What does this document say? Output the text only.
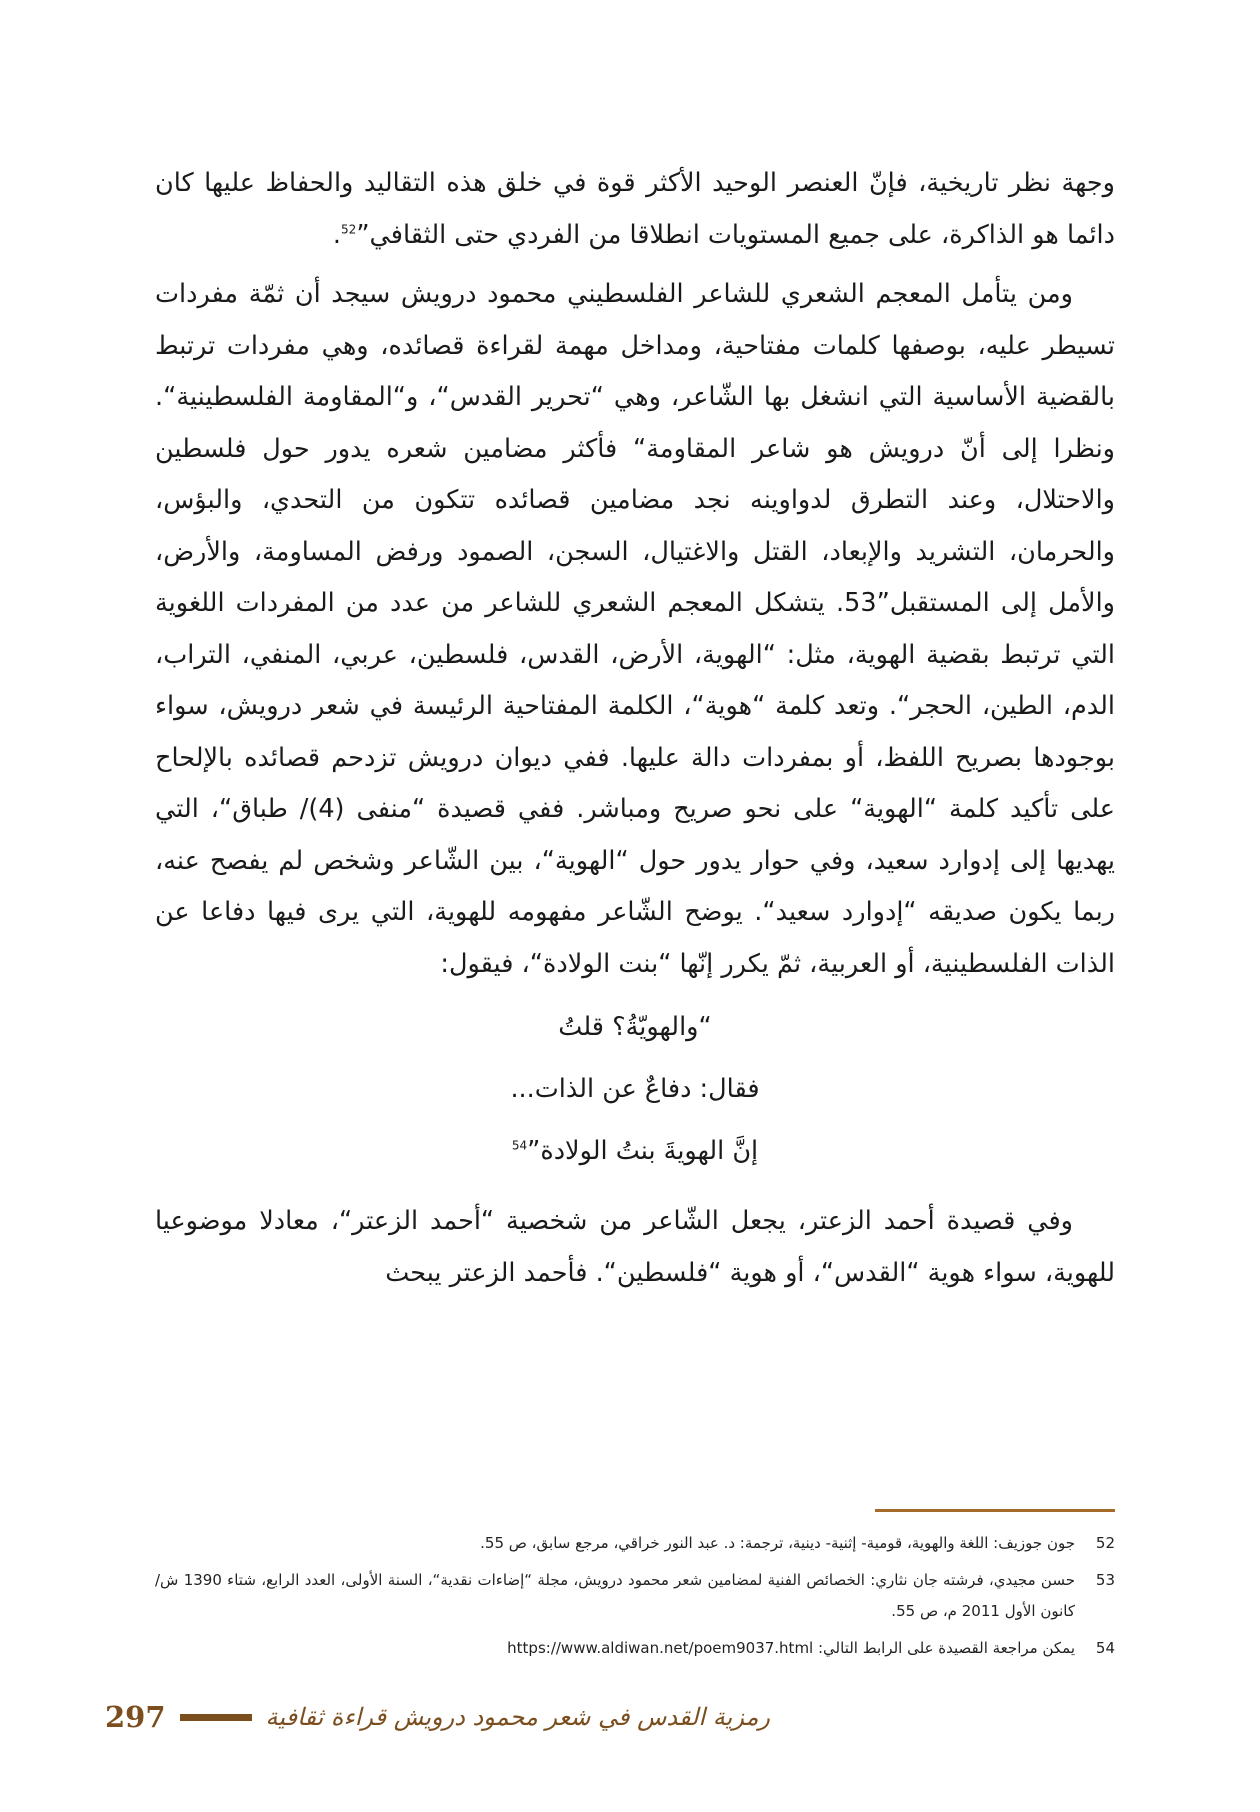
وجهة نظر تاريخية، فإنّ العنصر الوحيد الأكثر قوة في خلق هذه التقاليد والحفاظ عليها كان دائما هو الذاكرة، على جميع المستويات انطلاقا من الفردي حتى الثقافي”$^{52}$.

ومن يتأمل المعجم الشعري للشاعر الفلسطيني محمود درويش سيجد أن ثمّة مفردات تسيطر عليه، بوصفها كلمات مفتاحية، ومداخل مهمة لقراءة قصائده، وهي مفردات ترتبط بالقضية الأساسية التي انشغل بها الشّاعر، وهي “تحرير القدس“، و“المقاومة الفلسطينية“. ونظرا إلى أنّ درويش هو شاعر المقاومة“ فأكثر مضامين شعره يدور حول فلسطين والاحتلال، وعند التطرق لدواوينه نجد مضامين قصائده تتكون من التحدي، والبؤس، والحرمان، التشريد والإبعاد، القتل والاغتيال، السجن، الصمود ورفض المساومة، والأرض، والأمل إلى المستقبل”53. يتشكل المعجم الشعري للشاعر من عدد من المفردات اللغوية التي ترتبط بقضية الهوية، مثل: “الهوية، الأرض، القدس، فلسطين، عربي، المنفي، التراب، الدم، الطين، الحجر“. وتعد كلمة “هوية“، الكلمة المفتاحية الرئيسة في شعر درويش، سواء بوجودها بصريح اللفظ، أو بمفردات دالة عليها. ففي ديوان درويش تزدحم قصائده بالإلحاح على تأكيد كلمة “الهوية“ على نحو صريح ومباشر. ففي قصيدة “منفى (4)/ طباق“، التي يهديها إلى إدوارد سعيد، وفي حوار يدور حول “الهوية“، بين الشّاعر وشخص لم يفصح عنه، ربما يكون صديقه “إدوارد سعيد“. يوضح الشّاعر مفهومه للهوية، التي يرى فيها دفاعا عن الذات الفلسطينية، أو العربية، ثمّ يكرر إنّها “بنت الولادة“، فيقول:

“والهويّةُ؟ قلتُ
فقال: دفاعٌ عن الذات...
إنَّ الهويةَ بنتُ الولادة”$^{54}$

وفي قصيدة أحمد الزعتر، يجعل الشّاعر من شخصية “أحمد الزعتر“، معادلا موضوعيا للهوية، سواء هوية “القدس“، أو هوية “فلسطين“. فأحمد الزعتر يبحث

52
جون جوزيف: اللغة والهوية، قومية- إثنية- دينية، ترجمة: د. عبد النور خراقي، مرجع سابق، ص 55.
53
حسن مجيدي، فرشته جان نثاري: الخصائص الفنية لمضامين شعر محمود درويش، مجلة “إضاءات نقدية“، السنة الأولى، العدد الرابع، شتاء 1390 ش/كانون الأول 2011 م، ص 55.
54
يمكن مراجعة القصيدة على الرابط التالي: https://www.aldiwan.net/poem9037.html
297	رمزية القدس في شعر محمود درويش قراءة ثقافية
